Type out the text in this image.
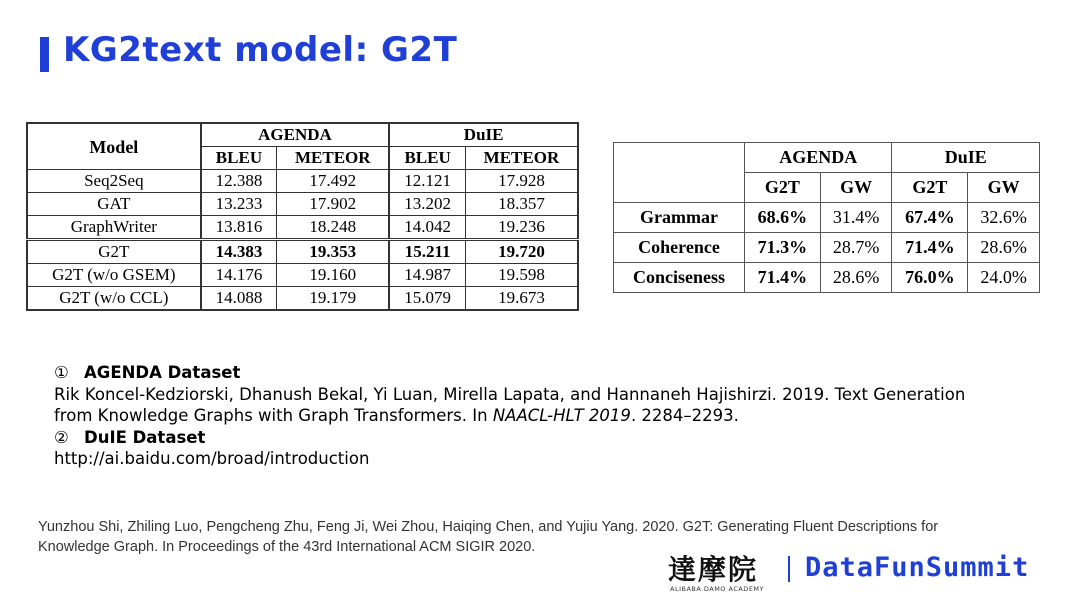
KG2text model: G2T
Model	AGENDA		DuIE	
	BLEU	METEOR	BLEU	METEOR
Seq2Seq	12.388	17.492	12.121	17.928
GAT	13.233	17.902	13.202	18.357
GraphWriter	13.816	18.248	14.042	19.236
G2T	14.383	19.353	15.211	19.720
G2T (w/o GSEM)	14.176	19.160	14.987	19.598
G2T (w/o CCL)	14.088	19.179	15.079	19.673
	AGENDA		DuIE	
	G2T	GW	G2T	GW
Grammar	68.6%	31.4%	67.4%	32.6%
Coherence	71.3%	28.7%	71.4%	28.6%
Conciseness	71.4%	28.6%	76.0%	24.0%
① AGENDA Dataset
Rik Koncel-Kedziorski, Dhanush Bekal, Yi Luan, Mirella Lapata, and Hannaneh Hajishirzi. 2019. Text Generation
from Knowledge Graphs with Graph Transformers. In NAACL-HLT 2019. 2284–2293.
② DuIE Dataset
http://ai.baidu.com/broad/introduction
Yunzhou Shi, Zhiling Luo, Pengcheng Zhu, Feng Ji, Wei Zhou, Haiqing Chen, and Yujiu Yang. 2020. G2T: Generating Fluent Descriptions for
Knowledge Graph. In Proceedings of the 43rd International ACM SIGIR 2020.
達摩院
ALIBABA DAMO ACADEMY
DataFunSummit
